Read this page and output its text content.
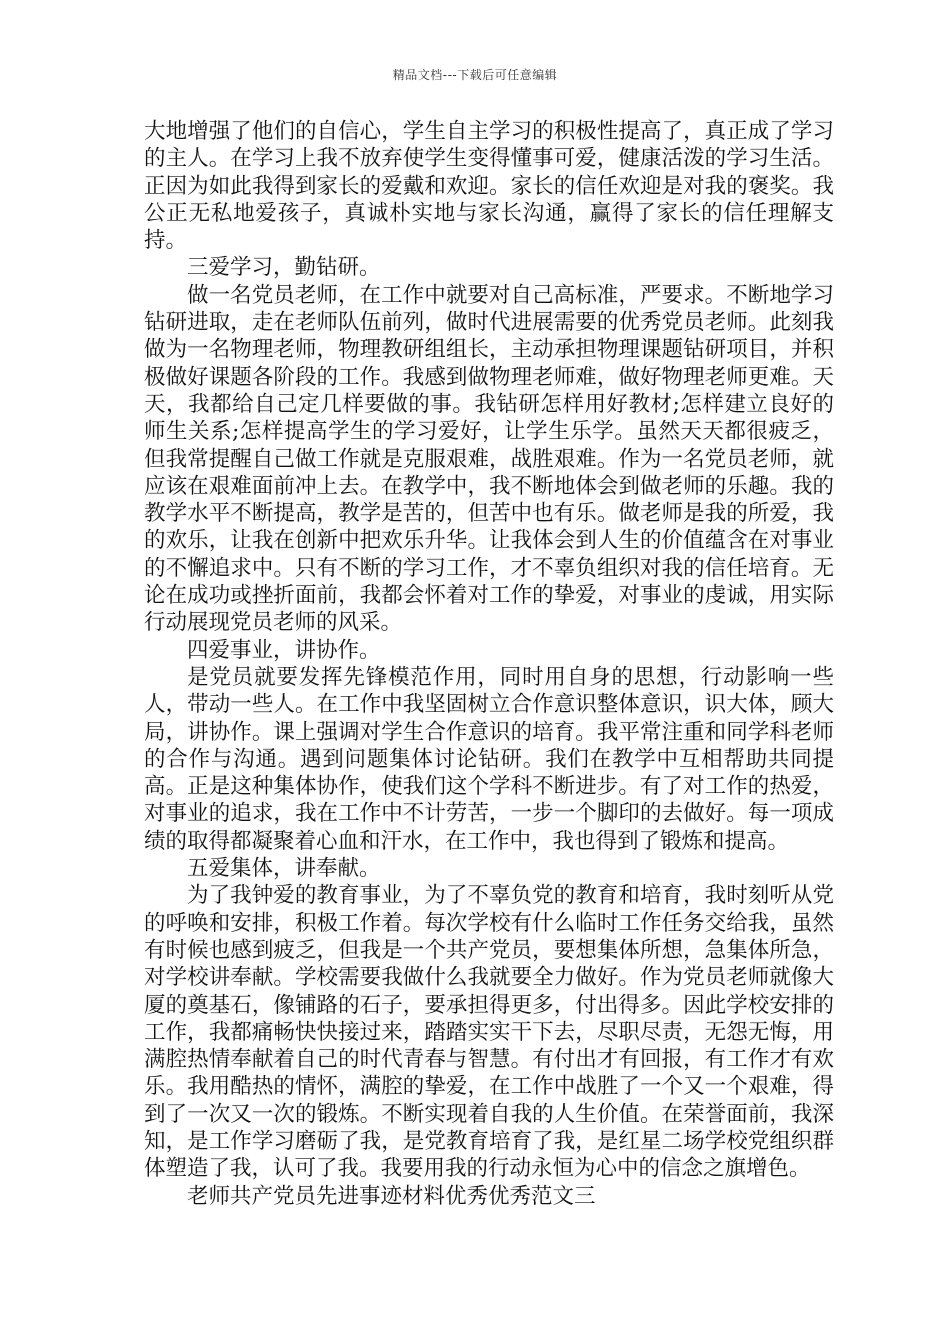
精品文档---下载后可任意编辑

大地增强了他们的自信心，学生自主学习的积极性提高了，真正成了学习的主人。在学习上我不放弃使学生变得懂事可爱，健康活泼的学习生活。正因为如此我得到家长的爱戴和欢迎。家长的信任欢迎是对我的褒奖。我公正无私地爱孩子，真诚朴实地与家长沟通，赢得了家长的信任理解支持。

三爱学习，勤钻研。

做一名党员老师，在工作中就要对自己高标准，严要求。不断地学习钻研进取，走在老师队伍前列，做时代进展需要的优秀党员老师。此刻我做为一名物理老师，物理教研组组长，主动承担物理课题钻研项目，并积极做好课题各阶段的工作。我感到做物理老师难，做好物理老师更难。天天，我都给自己定几样要做的事。我钻研怎样用好教材;怎样建立良好的师生关系;怎样提高学生的学习爱好，让学生乐学。虽然天天都很疲乏，但我常提醒自己做工作就是克服艰难，战胜艰难。作为一名党员老师，就应该在艰难面前冲上去。在教学中，我不断地体会到做老师的乐趣。我的教学水平不断提高，教学是苦的，但苦中也有乐。做老师是我的所爱，我的欢乐，让我在创新中把欢乐升华。让我体会到人生的价值蕴含在对事业的不懈追求中。只有不断的学习工作，才不辜负组织对我的信任培育。无论在成功或挫折面前，我都会怀着对工作的挚爱，对事业的虔诚，用实际行动展现党员老师的风采。

四爱事业，讲协作。

是党员就要发挥先锋模范作用，同时用自身的思想，行动影响一些人，带动一些人。在工作中我坚固树立合作意识整体意识，识大体，顾大局，讲协作。课上强调对学生合作意识的培育。我平常注重和同学科老师的合作与沟通。遇到问题集体讨论钻研。我们在教学中互相帮助共同提高。正是这种集体协作，使我们这个学科不断进步。有了对工作的热爱，对事业的追求，我在工作中不计劳苦，一步一个脚印的去做好。每一项成绩的取得都凝聚着心血和汗水，在工作中，我也得到了锻炼和提高。

五爱集体，讲奉献。

为了我钟爱的教育事业，为了不辜负党的教育和培育，我时刻听从党的呼唤和安排，积极工作着。每次学校有什么临时工作任务交给我，虽然有时候也感到疲乏，但我是一个共产党员，要想集体所想，急集体所急，对学校讲奉献。学校需要我做什么我就要全力做好。作为党员老师就像大厦的奠基石，像铺路的石子，要承担得更多，付出得多。因此学校安排的工作，我都痛畅快快接过来，踏踏实实干下去，尽职尽责，无怨无悔，用满腔热情奉献着自己的时代青春与智慧。有付出才有回报，有工作才有欢乐。我用酷热的情怀，满腔的挚爱，在工作中战胜了一个又一个艰难，得到了一次又一次的锻炼。不断实现着自我的人生价值。在荣誉面前，我深知，是工作学习磨砺了我，是党教育培育了我，是红星二场学校党组织群体塑造了我，认可了我。我要用我的行动永恒为心中的信念之旗增色。

老师共产党员先进事迹材料优秀优秀范文三
